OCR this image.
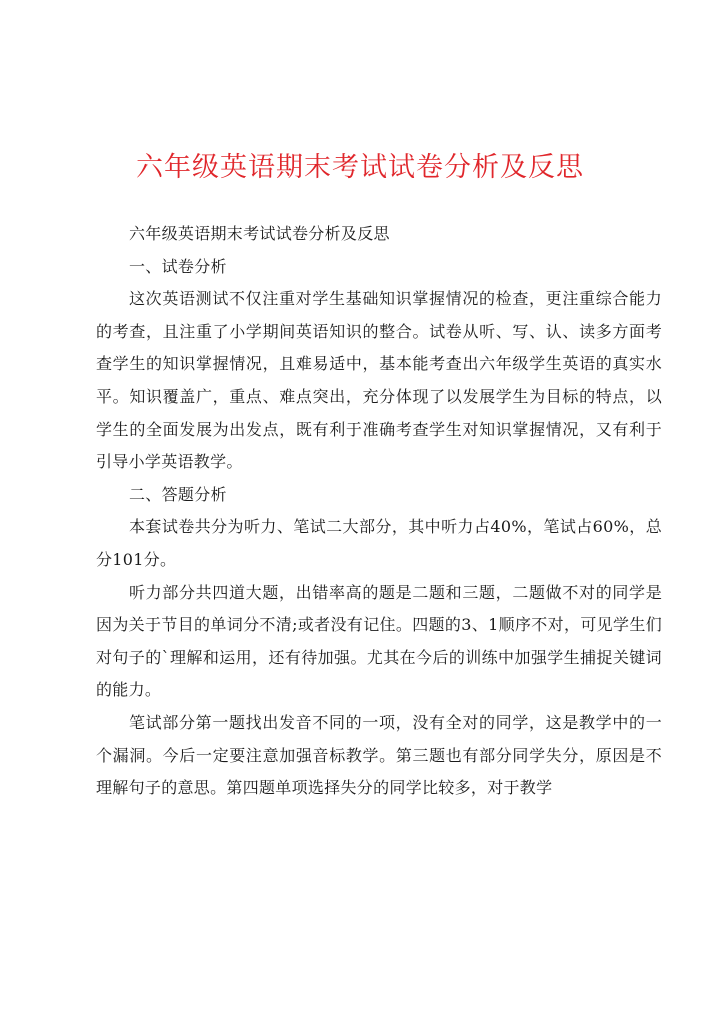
六年级英语期末考试试卷分析及反思

六年级英语期末考试试卷分析及反思

一、试卷分析

这次英语测试不仅注重对学生基础知识掌握情况的检查，更注重综合能力的考查，且注重了小学期间英语知识的整合。试卷从听、写、认、读多方面考查学生的知识掌握情况，且难易适中，基本能考查出六年级学生英语的真实水平。知识覆盖广，重点、难点突出，充分体现了以发展学生为目标的特点，以学生的全面发展为出发点，既有利于准确考查学生对知识掌握情况，又有利于引导小学英语教学。

二、答题分析

本套试卷共分为听力、笔试二大部分，其中听力占40%，笔试占60%，总分101分。

听力部分共四道大题，出错率高的题是二题和三题，二题做不对的同学是因为关于节目的单词分不清;或者没有记住。四题的3、1顺序不对，可见学生们对句子的`理解和运用，还有待加强。尤其在今后的训练中加强学生捕捉关键词的能力。

笔试部分第一题找出发音不同的一项，没有全对的同学，这是教学中的一个漏洞。今后一定要注意加强音标教学。第三题也有部分同学失分，原因是不理解句子的意思。第四题单项选择失分的同学比较多，对于教学
